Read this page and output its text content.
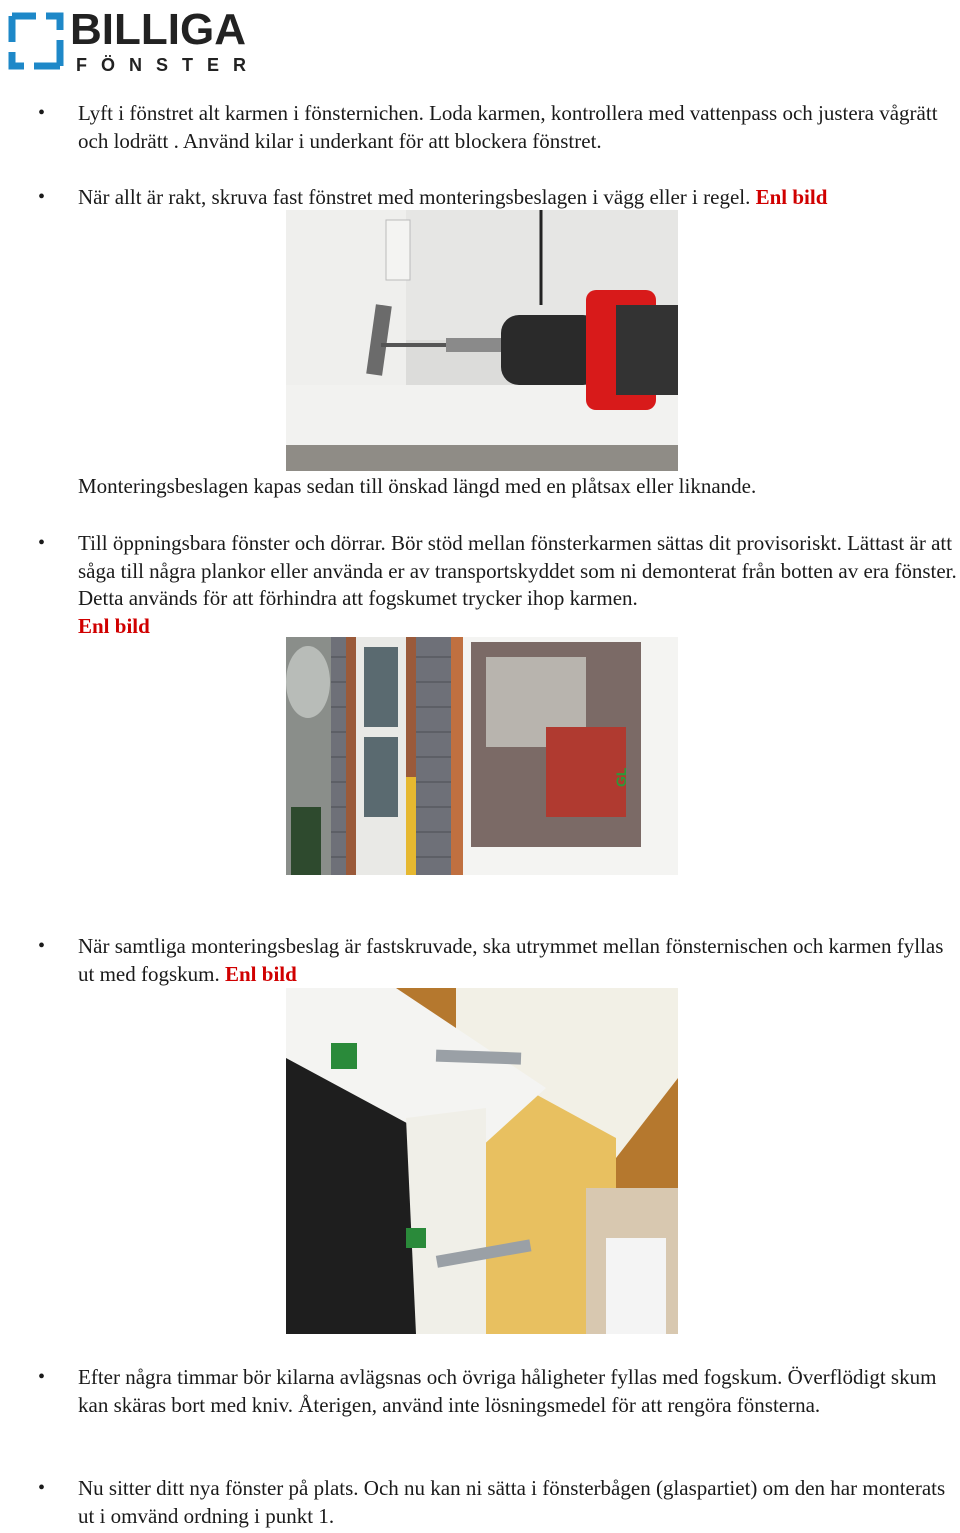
BILLIGA
FÖNSTER
• Lyft i fönstret alt karmen i fönsternichen. Loda karmen, kontrollera med vattenpass och justera vågrätt och lodrätt . Använd kilar i underkant för att blockera fönstret.
• När allt är rakt, skruva fast fönstret med monteringsbeslagen i vägg eller i regel. Enl bild
Monteringsbeslagen kapas sedan till önskad längd med en plåtsax eller liknande.
• Till öppningsbara fönster och dörrar. Bör stöd mellan fönsterkarmen sättas dit provisoriskt. Lättast är att såga till några plankor eller använda er av transportskyddet som ni demonterat från botten av era fönster. Detta används för att förhindra att fogskumet trycker ihop karmen.
Enl bild
GL
• När samtliga monteringsbeslag är fastskruvade, ska utrymmet mellan fönsternischen och karmen fyllas ut med fogskum. Enl bild
• Efter några timmar bör kilarna avlägsnas och övriga håligheter fyllas med fogskum. Överflödigt skum kan skäras bort med kniv. Återigen, använd inte lösningsmedel för att rengöra fönsterna.
• Nu sitter ditt nya fönster på plats. Och nu kan ni sätta i fönsterbågen (glaspartiet) om den har monterats ut i omvänd ordning i punkt 1.
